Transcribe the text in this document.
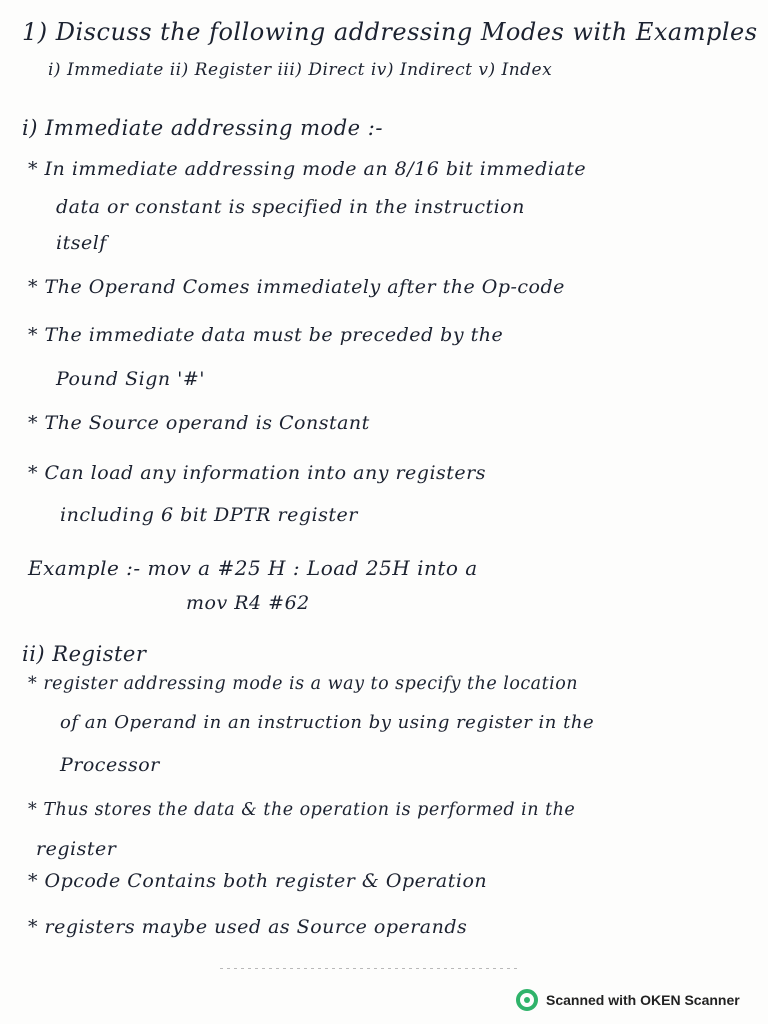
1) Discuss the following addressing Modes with Examples
i) Immediate ii) Register iii) Direct iv) Indirect v) Index
i) Immediate addressing mode :-
* In immediate addressing mode an 8/16 bit immediate
data or constant is specified in the instruction
itself
* The Operand Comes immediately after the Op-code
* The immediate data must be preceded by the
Pound Sign '#'
* The Source operand is Constant
* Can load any information into any registers
including 6 bit DPTR register
Example :- mov a #25 H : Load 25H into a
mov R4 #62
ii) Register
* register addressing mode is a way to specify the location
of an Operand in an instruction by using register in the
Processor
* Thus stores the data & the operation is performed in the
register
* Opcode Contains both register & Operation
* registers maybe used as Source operands
Scanned with OKEN Scanner
